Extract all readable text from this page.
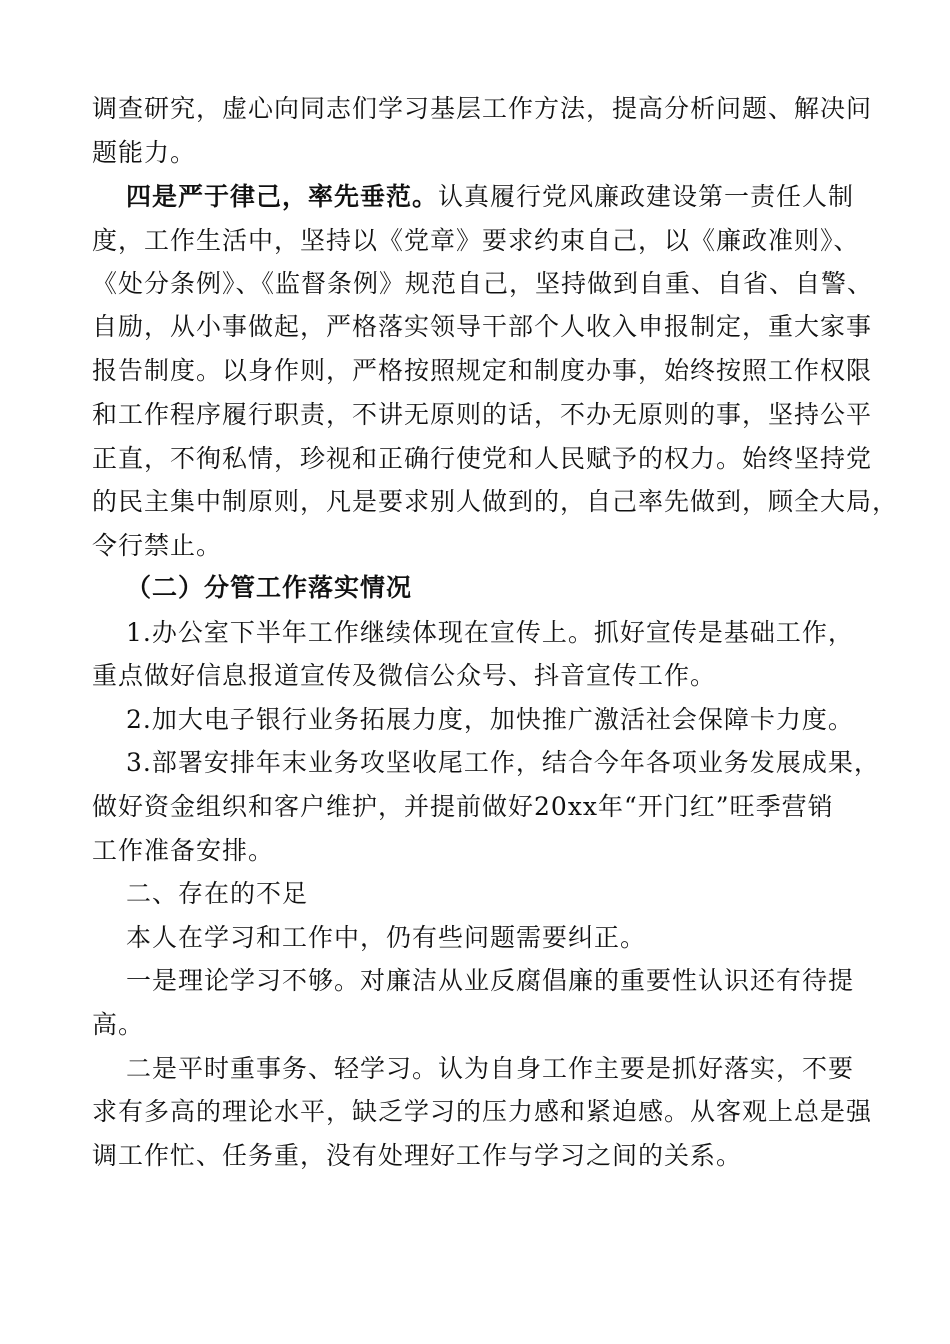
调查研究，虚心向同志们学习基层工作方法，提高分析问题、解决问
题能力。
四是严于律己，率先垂范。认真履行党风廉政建设第一责任人制
度，工作生活中，坚持以《党章》要求约束自己，以《廉政准则》、
《处分条例》、《监督条例》规范自己，坚持做到自重、自省、自警、
自励，从小事做起，严格落实领导干部个人收入申报制定，重大家事
报告制度。以身作则，严格按照规定和制度办事，始终按照工作权限
和工作程序履行职责，不讲无原则的话，不办无原则的事，坚持公平
正直，不徇私情，珍视和正确行使党和人民赋予的权力。始终坚持党
的民主集中制原则，凡是要求别人做到的，自己率先做到，顾全大局，
令行禁止。
（二）分管工作落实情况
1.办公室下半年工作继续体现在宣传上。抓好宣传是基础工作，
重点做好信息报道宣传及微信公众号、抖音宣传工作。
2.加大电子银行业务拓展力度，加快推广激活社会保障卡力度。
3.部署安排年末业务攻坚收尾工作，结合今年各项业务发展成果，
做好资金组织和客户维护，并提前做好20xx年“开门红”旺季营销
工作准备安排。
二、存在的不足
本人在学习和工作中，仍有些问题需要纠正。
一是理论学习不够。对廉洁从业反腐倡廉的重要性认识还有待提
高。
二是平时重事务、轻学习。认为自身工作主要是抓好落实，不要
求有多高的理论水平，缺乏学习的压力感和紧迫感。从客观上总是强
调工作忙、任务重，没有处理好工作与学习之间的关系。
